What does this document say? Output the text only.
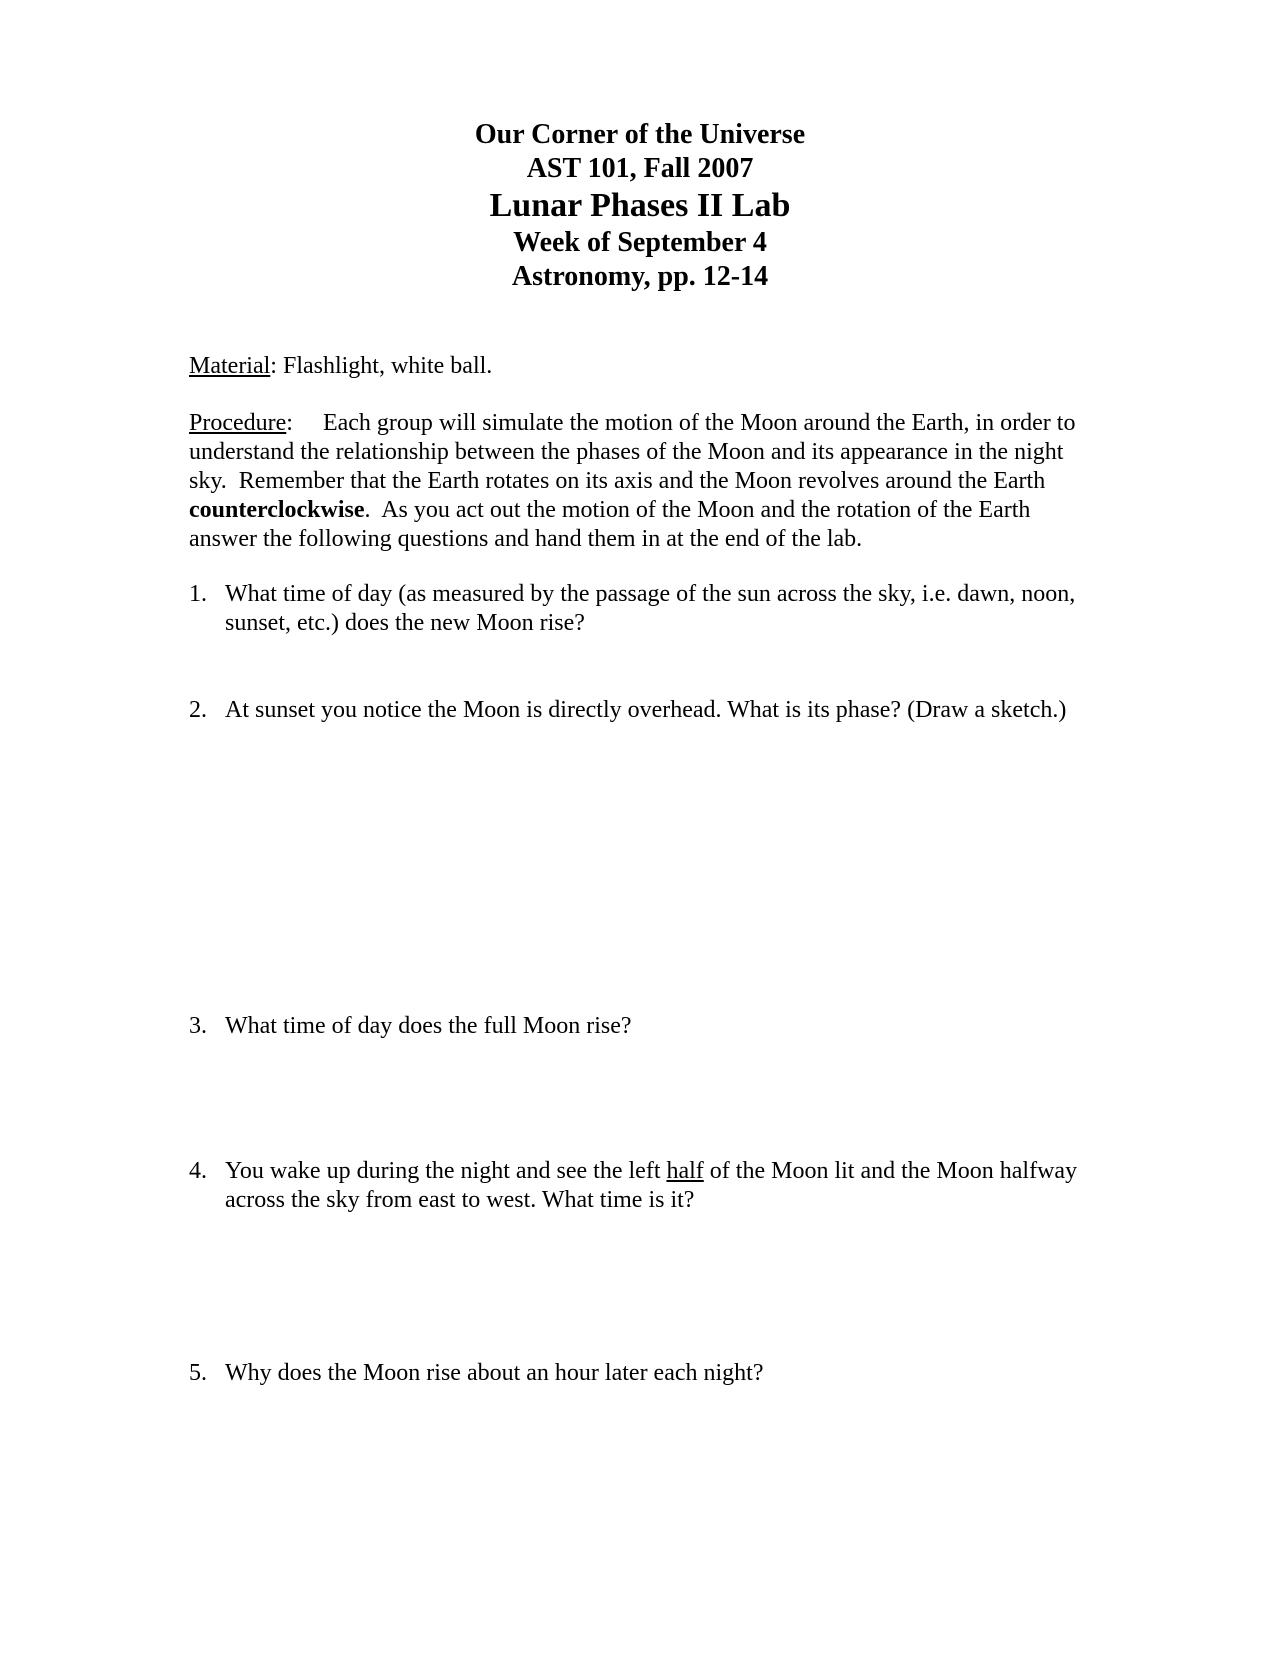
Our Corner of the Universe
AST 101, Fall 2007
Lunar Phases II Lab
Week of September 4
Astronomy, pp. 12-14
Material: Flashlight, white ball.
Procedure:     Each group will simulate the motion of the Moon around the Earth, in order to understand the relationship between the phases of the Moon and its appearance in the night sky.  Remember that the Earth rotates on its axis and the Moon revolves around the Earth counterclockwise.  As you act out the motion of the Moon and the rotation of the Earth answer the following questions and hand them in at the end of the lab.
1. What time of day (as measured by the passage of the sun across the sky, i.e. dawn, noon, sunset, etc.) does the new Moon rise?
2. At sunset you notice the Moon is directly overhead. What is its phase? (Draw a sketch.)
3. What time of day does the full Moon rise?
4. You wake up during the night and see the left half of the Moon lit and the Moon halfway across the sky from east to west. What time is it?
5. Why does the Moon rise about an hour later each night?
